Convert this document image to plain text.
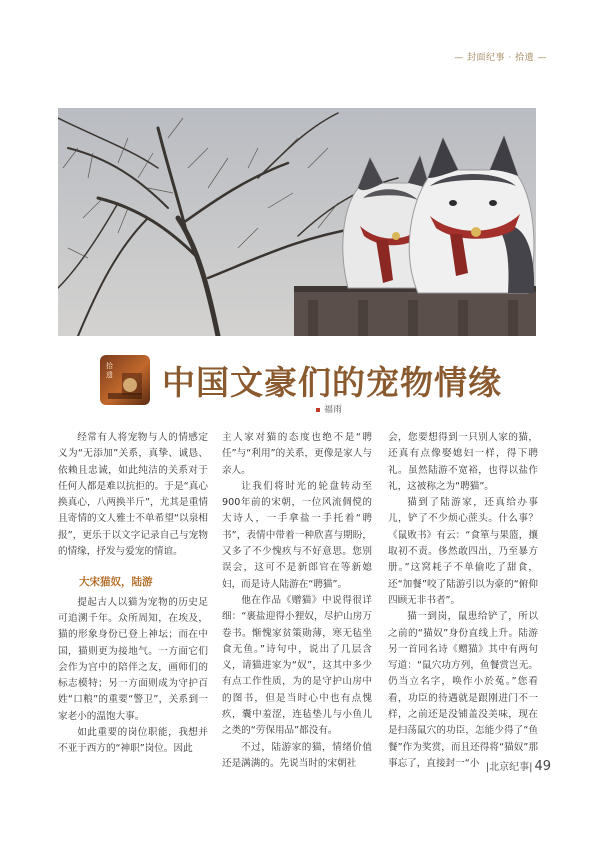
— 封面纪事 · 拾遗 —
拾遗 中国文豪们的宠物情缘
福雨

经常有人将宠物与人的情感定义为“无添加”关系，真挚、诚恳、依赖且忠诚，如此纯洁的关系对于任何人都是难以抗拒的。于是“真心换真心，八两换半斤”，尤其是重情且寄情的文人雅士不单希望“以泉相报”，更乐于以文字记录自己与宠物的情缘，抒发与爱宠的情谊。

大宋猫奴，陆游

提起古人以猫为宠物的历史足可追溯千年。众所周知，在埃及，猫的形象身份已登上神坛；而在中国，猫则更为接地气。一方面它们会作为宫中的陪伴之友，画师们的标志模特；另一方面则成为守护百姓“口粮”的重要“警卫”，关系到一家老小的温饱大事。

如此重要的岗位职能，我想并不亚于西方的“神职”岗位。因此

主人家对猫的态度也绝不是“聘任”与“利用”的关系，更像是家人与亲人。

让我们将时光的轮盘转动至900年前的宋朝，一位风流倜傥的大诗人，一手拿盐一手托着“聘书”，表情中带着一种欣喜与期盼，又多了不少愧疚与不好意思。您别误会，这可不是新郎官在等新媳妇，而是诗人陆游在“聘猫”。

他在作品《赠猫》中说得很详细：“裹盐迎得小狸奴，尽护山房万卷书。惭愧家贫策勋薄，寒无毡坐食无鱼。”诗句中，说出了几层含义，请猫进家为“奴”，这其中多少有点工作性质，为的是守护山房中的图书，但是当时心中也有点愧疚，囊中羞涩，连毡垫儿与小鱼儿之类的“劳保用品”都没有。

不过，陆游家的猫，情绪价值还是满满的。先说当时的宋朝社

会，您要想得到一只别人家的猫，还真有点像娶媳妇一样，得下聘礼。虽然陆游不宽裕，也得以盐作礼，这被称之为“聘猫”。

猫到了陆游家，还真给办事儿，铲了不少烦心蔗头。什么事？《鼠败书》有云：“食箪与果篮，攘取初不责。侈然敢四出，乃至暴方册。”这窝耗子不单偷吃了甜食，还“加餐”咬了陆游引以为豪的“俯仰四顾无非书者”。

猫一到岗，鼠患给铲了，所以之前的“猫奴”身份直线上升。陆游另一首同名诗《赠猫》其中有两句写道：“鼠穴功方列，鱼餐赏岂无。仍当立名字，唤作小於菟。”您看看，功臣的待遇就是跟刚进门不一样，之前还是没铺盖没美味，现在是扫荡鼠穴的功臣，怎能少得了“鱼餐”作为奖赏，而且还得将“猫奴”那事忘了，直接封一“小 |北京纪事| 49
